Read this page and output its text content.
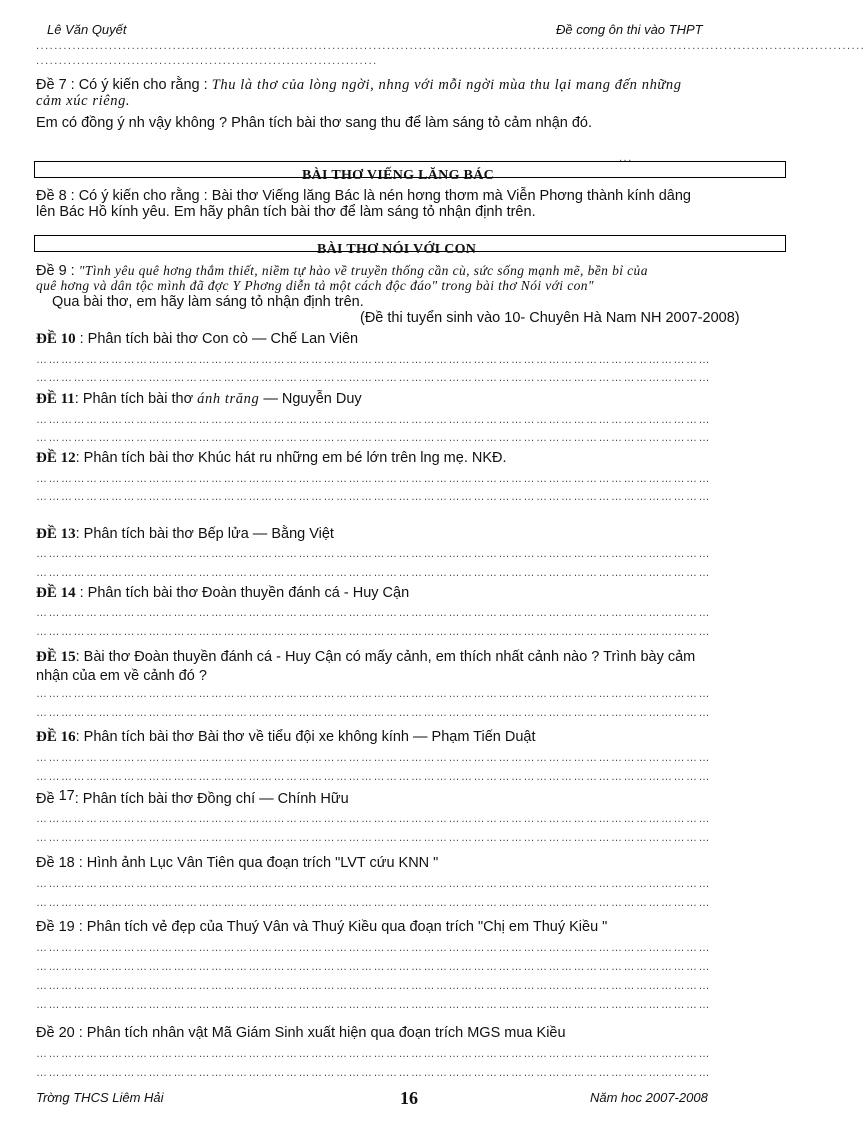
Lê Văn Quyết	Đề cơng ôn thi vào THPT
......................................................................................................................................................................................
...........................................................................
Đề 7 : Có ý kiến cho rằng : Thu là thơ của lòng ngời, nhng với mỗi ngời mùa thu lại mang đến những
cảm xúc riêng.
Em có đồng ý nh vậy không ? Phân tích bài thơ sang thu để làm sáng tỏ cảm nhận đó.
BÀI THƠ VIẾNG LĂNG BÁC
...
Đề 8 : Có ý kiến cho rằng : Bài thơ Viếng lăng Bác là nén hơng thơm mà Viễn Phơng thành kính dâng
lên Bác Hồ kính yêu. Em hãy phân tích bài thơ để làm sáng tỏ nhận định trên.
BÀI THƠ NÓI VỚI CON
Đề 9 : "Tình yêu quê hơng thắm thiết, niềm tự hào về truyền thống cần cù, sức sống mạnh mẽ, bền bỉ của
quê hơng và dân tộc mình đã đợc Y Phơng diễn tả một cách độc đáo" trong bài thơ Nói với con"
Qua bài thơ, em hãy làm sáng tỏ nhận định trên.
(Đề thi tuyển sinh vào 10- Chuyên Hà Nam NH 2007-2008)
ĐỀ 10 : Phân tích bài thơ Con cò — Chế Lan Viên
………………………………………………………………………………………………………………………………………………
………………………………………………………………………………………………………………………………………………
ĐỀ 11: Phân tích bài thơ ánh trăng — Nguyễn Duy
………………………………………………………………………………………………………………………………………………
………………………………………………………………………………………………………………………………………………
ĐỀ 12: Phân tích bài thơ Khúc hát ru những em bé lớn trên lng mẹ. NKĐ.
………………………………………………………………………………………………………………………………………………
………………………………………………………………………………………………………………………………………………
ĐỀ 13: Phân tích bài thơ Bếp lửa — Bằng Việt
………………………………………………………………………………………………………………………………………………
………………………………………………………………………………………………………………………………………………
ĐỀ 14 : Phân tích bài thơ Đoàn thuyền đánh cá - Huy Cận
………………………………………………………………………………………………………………………………………………
………………………………………………………………………………………………………………………………………………
ĐỀ 15: Bài thơ Đoàn thuyền đánh cá - Huy Cận có mấy cảnh, em thích nhất cảnh nào ? Trình bày cảm
nhận của em về cảnh đó ?
………………………………………………………………………………………………………………………………………………
………………………………………………………………………………………………………………………………………………
ĐỀ 16: Phân tích bài thơ Bài thơ về tiểu đội xe không kính — Phạm Tiến Duật
………………………………………………………………………………………………………………………………………………
………………………………………………………………………………………………………………………………………………
Đề 17: Phân tích bài thơ Đồng chí — Chính Hữu
………………………………………………………………………………………………………………………………………………
………………………………………………………………………………………………………………………………………………
Đề 18 : Hình ảnh Lục Vân Tiên qua đoạn trích "LVT cứu KNN "
………………………………………………………………………………………………………………………………………………
………………………………………………………………………………………………………………………………………………
Đề 19 : Phân tích vẻ đẹp của Thuý Vân và Thuý Kiều qua đoạn trích "Chị em Thuý Kiều "
………………………………………………………………………………………………………………………………………………
………………………………………………………………………………………………………………………………………………
………………………………………………………………………………………………………………………………………………
………………………………………………………………………………………………………………………………………………
Đề 20 : Phân tích nhân vật Mã Giám Sinh xuất hiện qua đoạn trích MGS mua Kiều
………………………………………………………………………………………………………………………………………………
………………………………………………………………………………………………………………………………………………
Trờng THCS Liêm Hải	16	Năm hoc 2007-2008
